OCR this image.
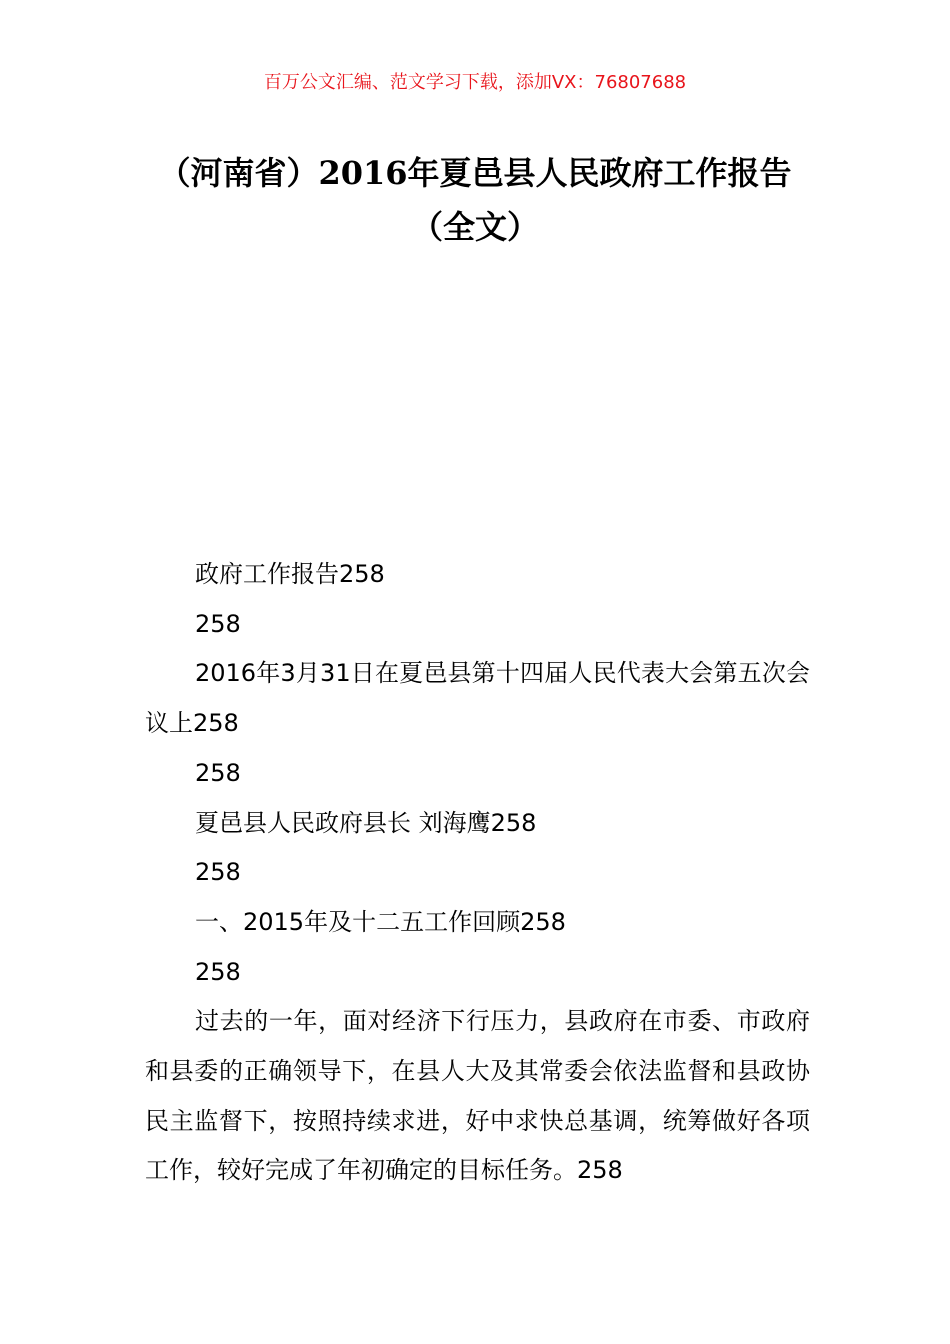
百万公文汇编、范文学习下载，添加VX：76807688
（河南省）2016年夏邑县人民政府工作报告（全文）

政府工作报告258

258

2016年3月31日在夏邑县第十四届人民代表大会第五次会议上258

258

夏邑县人民政府县长 刘海鹰258

258

一、2015年及十二五工作回顾258

258

过去的一年，面对经济下行压力，县政府在市委、市政府和县委的正确领导下，在县人大及其常委会依法监督和县政协民主监督下，按照持续求进，好中求快总基调，统筹做好各项工作，较好完成了年初确定的目标任务。258
